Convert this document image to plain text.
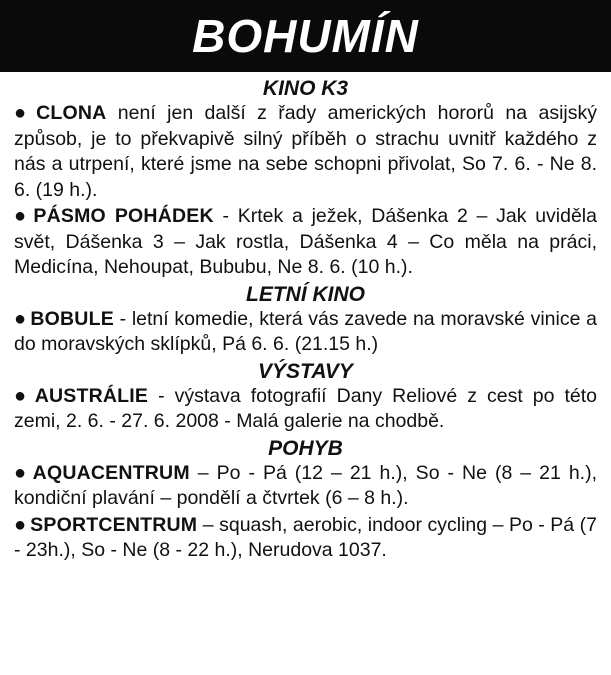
BOHUMÍN
KINO K3

● CLONA není jen další z řady amerických hororů na asijský způsob, je to překvapivě silný příběh o strachu uvnitř každého z nás a utrpení, které jsme na sebe schopni přivolat, So 7. 6. - Ne 8. 6. (19 h.).

● PÁSMO POHÁDEK - Krtek a ježek, Dášenka 2 – Jak uviděla svět, Dášenka 3 – Jak rostla, Dášenka 4 – Co měla na práci, Medicína, Nehoupat, Bububu, Ne 8. 6. (10 h.).

LETNÍ KINO

● BOBULE - letní komedie, která vás zavede na moravské vinice a do moravských sklípků, Pá 6. 6. (21.15 h.)

VÝSTAVY

● AUSTRÁLIE - výstava fotografií Dany Reliové z cest po této zemi, 2. 6. - 27. 6. 2008 - Malá galerie na chodbě.

POHYB

● AQUACENTRUM – Po - Pá (12 – 21 h.), So - Ne (8 – 21 h.), kondiční plavání – pondělí a čtvrtek (6 – 8 h.).

● SPORTCENTRUM – squash, aerobic, indoor cycling – Po - Pá (7 - 23h.), So - Ne (8 - 22 h.), Nerudova 1037.
